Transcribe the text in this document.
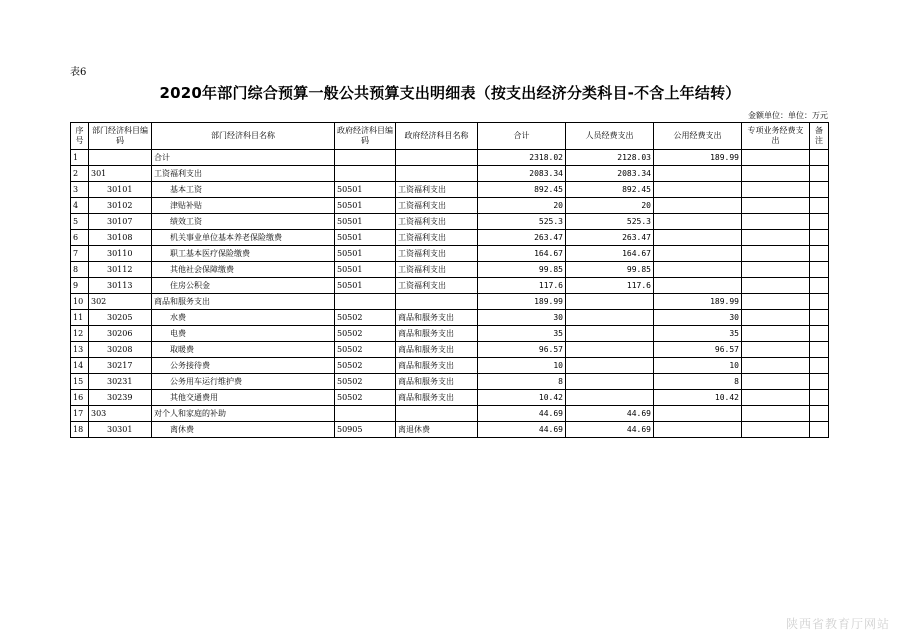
表6
2020年部门综合预算一般公共预算支出明细表（按支出经济分类科目-不含上年结转）
金额单位：单位：万元
序号	部门经济科目编码	部门经济科目名称	政府经济科目编码	政府经济科目名称	合计	人员经费支出	公用经费支出	专项业务经费支出	备注
1		合计			2318.02	2128.03	189.99		
2	301	工资福利支出			2083.34	2083.34			
3	30101	基本工资	50501	工资福利支出	892.45	892.45			
4	30102	津贴补贴	50501	工资福利支出	20	20			
5	30107	绩效工资	50501	工资福利支出	525.3	525.3			
6	30108	机关事业单位基本养老保险缴费	50501	工资福利支出	263.47	263.47			
7	30110	职工基本医疗保险缴费	50501	工资福利支出	164.67	164.67			
8	30112	其他社会保障缴费	50501	工资福利支出	99.85	99.85			
9	30113	住房公积金	50501	工资福利支出	117.6	117.6			
10	302	商品和服务支出			189.99		189.99		
11	30205	水费	50502	商品和服务支出	30		30		
12	30206	电费	50502	商品和服务支出	35		35		
13	30208	取暖费	50502	商品和服务支出	96.57		96.57		
14	30217	公务接待费	50502	商品和服务支出	10		10		
15	30231	公务用车运行维护费	50502	商品和服务支出	8		8		
16	30239	其他交通费用	50502	商品和服务支出	10.42		10.42		
17	303	对个人和家庭的补助			44.69	44.69			
18	30301	离休费	50905	离退休费	44.69	44.69			
陕西省教育厅网站
